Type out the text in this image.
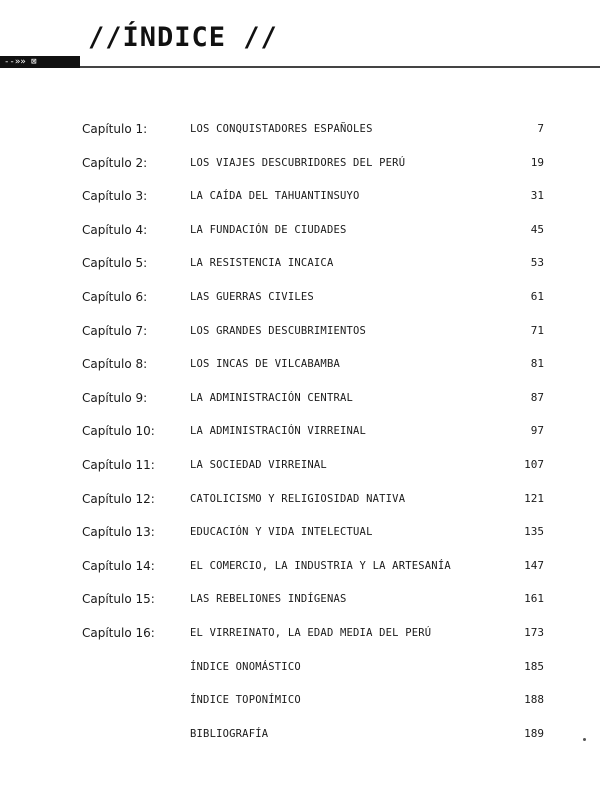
//ÍNDICE //
--»» ⊠
Capítulo 1:	LOS CONQUISTADORES ESPAÑOLES	7
Capítulo 2:	LOS VIAJES DESCUBRIDORES DEL PERÚ	19
Capítulo 3:	LA CAÍDA DEL TAHUANTINSUYO	31
Capítulo 4:	LA FUNDACIÓN DE CIUDADES	45
Capítulo 5:	LA RESISTENCIA INCAICA	53
Capítulo 6:	LAS GUERRAS CIVILES	61
Capítulo 7:	LOS GRANDES DESCUBRIMIENTOS	71
Capítulo 8:	LOS INCAS DE VILCABAMBA	81
Capítulo 9:	LA ADMINISTRACIÓN CENTRAL	87
Capítulo 10:	LA ADMINISTRACIÓN VIRREINAL	97
Capítulo 11:	LA SOCIEDAD VIRREINAL	107
Capítulo 12:	CATOLICISMO Y RELIGIOSIDAD NATIVA	121
Capítulo 13:	EDUCACIÓN Y VIDA INTELECTUAL	135
Capítulo 14:	EL COMERCIO, LA INDUSTRIA Y LA ARTESANÍA	147
Capítulo 15:	LAS REBELIONES INDÍGENAS	161
Capítulo 16:	EL VIRREINATO, LA EDAD MEDIA DEL PERÚ	173
ÍNDICE ONOMÁSTICO	185
ÍNDICE TOPONÍMICO	188
BIBLIOGRAFÍA	189
